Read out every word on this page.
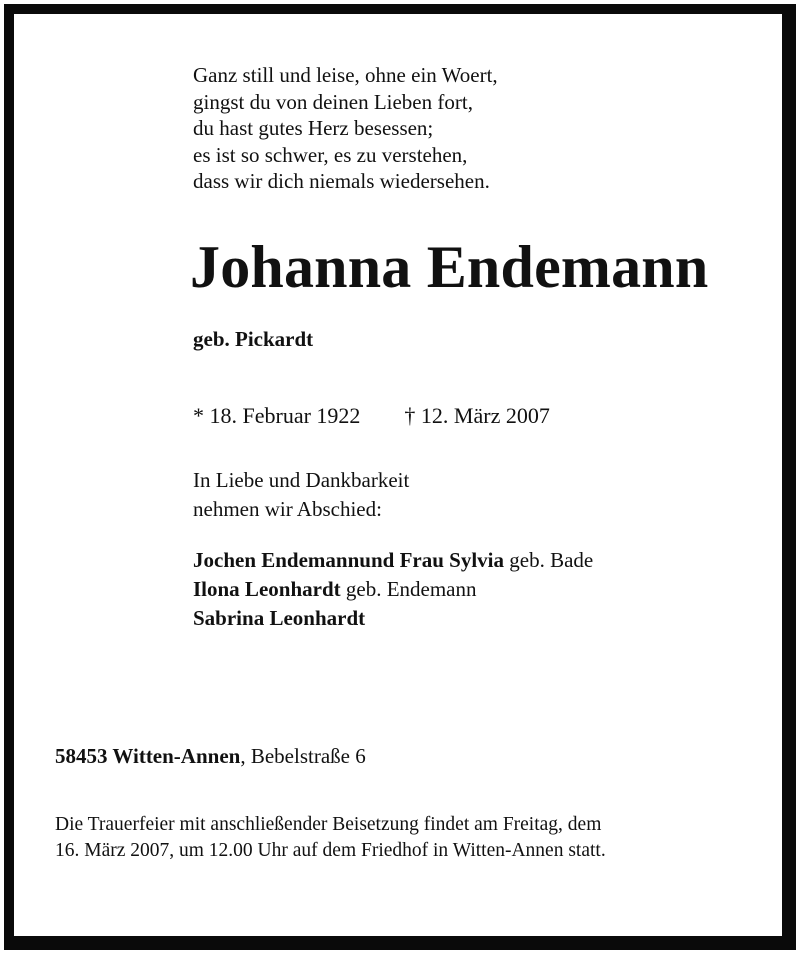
Ganz still und leise, ohne ein Woert,
gingst du von deinen Lieben fort,
du hast gutes Herz besessen;
es ist so schwer, es zu verstehen,
dass wir dich niemals wiedersehen.
Johanna Endemann
geb. Pickardt
* 18. Februar 1922 † 12. März 2007
In Liebe und Dankbarkeit
nehmen wir Abschied:
Jochen Endemannund Frau Sylvia geb. Bade
Ilona Leonhardt geb. Endemann
Sabrina Leonhardt
58453 Witten-Annen, Bebelstraße 6
Die Trauerfeier mit anschließender Beisetzung findet am Freitag, dem
16. März 2007, um 12.00 Uhr auf dem Friedhof in Witten-Annen statt.
